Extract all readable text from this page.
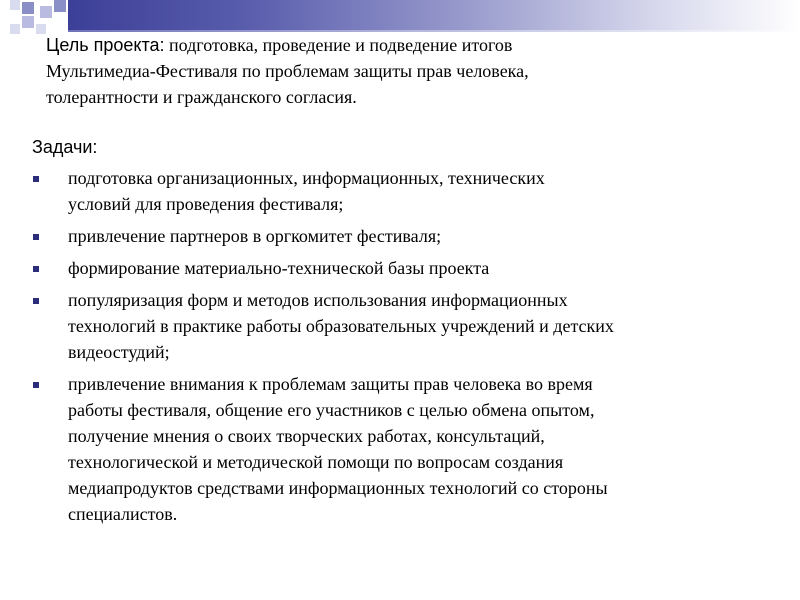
Цель проекта: подготовка, проведение и подведение итогов
Мультимедиа-Фестиваля по проблемам защиты прав человека,
толерантности и гражданского согласия.
Задачи:
подготовка организационных, информационных, технических
условий для проведения фестиваля;
привлечение партнеров в оргкомитет фестиваля;
формирование материально-технической базы проекта
популяризация форм и методов использования информационных
технологий в практике работы образовательных учреждений и детских
видеостудий;
привлечение внимания к проблемам защиты прав человека во время
работы фестиваля, общение его участников с целью обмена опытом,
получение мнения о своих творческих работах, консультаций,
технологической и методической помощи по вопросам создания
медиапродуктов средствами информационных технологий со стороны
специалистов.
